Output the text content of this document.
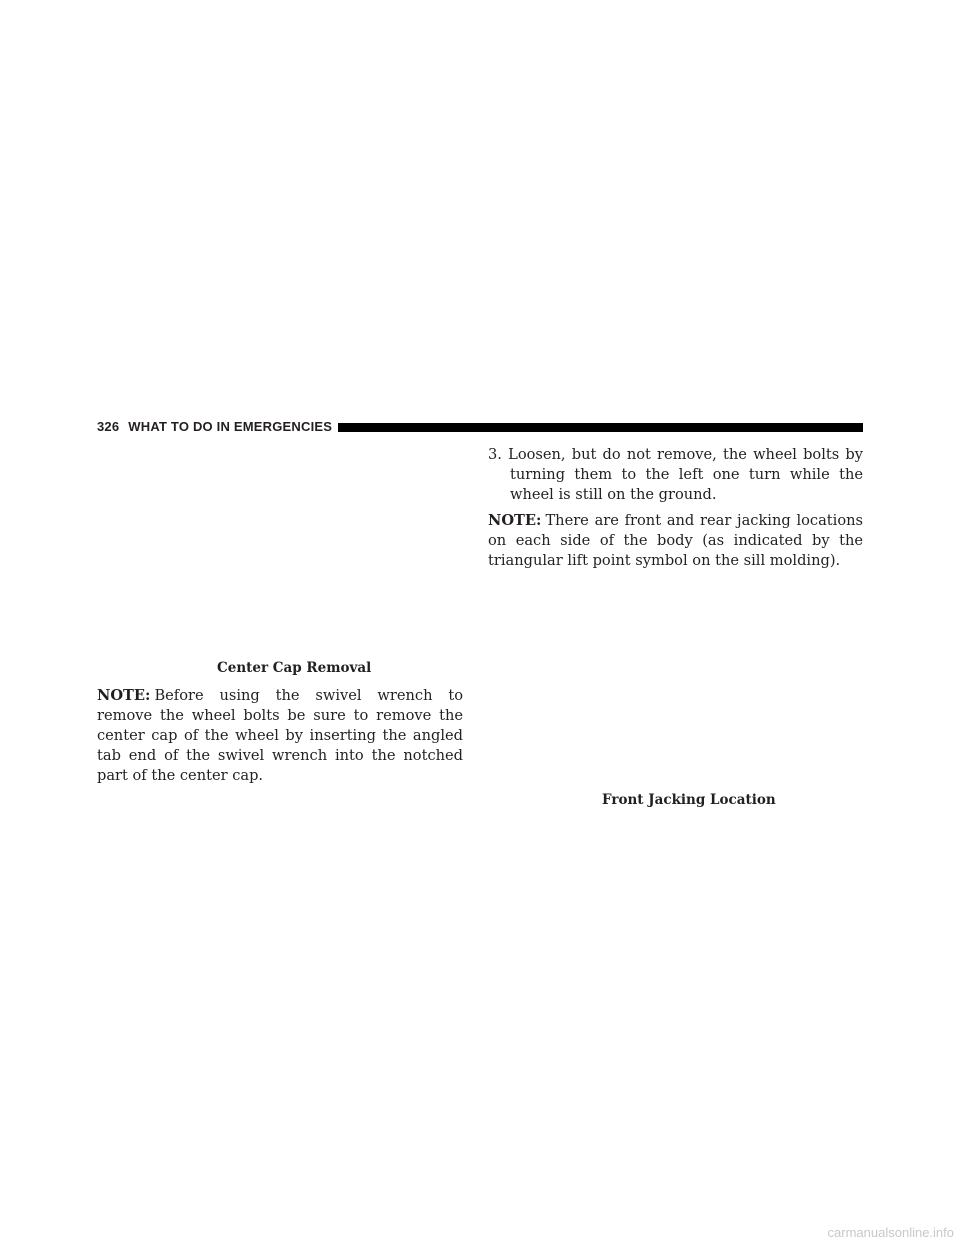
326 WHAT TO DO IN EMERGENCIES
Center Cap Removal

NOTE: Before using the swivel wrench to remove the wheel bolts be sure to remove the center cap of the wheel by inserting the angled tab end of the swivel wrench into the notched part of the center cap.

3. Loosen, but do not remove, the wheel bolts by turning them to the left one turn while the wheel is still on the ground.

NOTE: There are front and rear jacking locations on each side of the body (as indicated by the triangular lift point symbol on the sill molding).

Front Jacking Location
carmanualsonline.info
